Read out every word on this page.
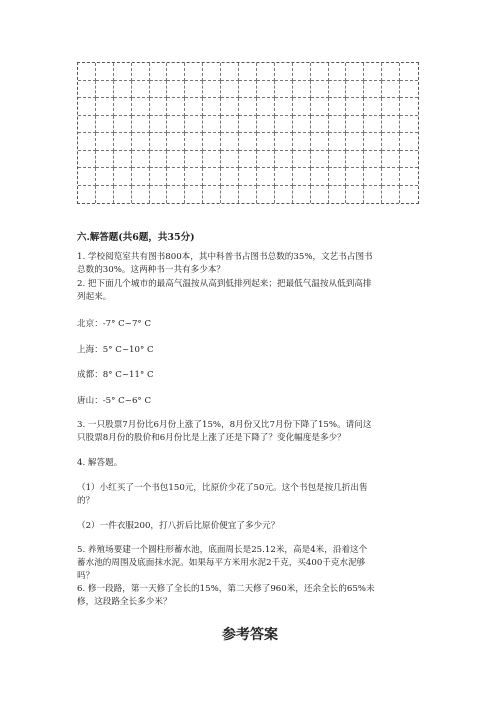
六.解答题(共6题，共35分)
1. 学校阅览室共有图书800本，其中科普书占图书总数的35%，文艺书占图书
总数的30%。这两种书一共有多少本？
2. 把下面几个城市的最高气温按从高到低排列起来；把最低气温按从低到高排
列起来。
北京：-7° C~7° C
上海：5° C~10° C
成都：8° C~11° C
唐山：-5° C~6° C
3. 一只股票7月份比6月份上涨了15%，8月份又比7月份下降了15%。请问这
只股票8月份的股价和6月份比是上涨了还是下降了？变化幅度是多少？
4. 解答题。
（1）小红买了一个书包150元，比原价少花了50元。这个书包是按几折出售
的？
（2）一件衣服200，打八折后比原价便宜了多少元？
5. 养殖场要建一个圆柱形蓄水池，底面周长是25.12米，高是4米，沿着这个
蓄水池的周围及底面抹水泥。如果每平方米用水泥2千克，买400千克水泥够
吗？
6. 修一段路，第一天修了全长的15%，第二天修了960米，还余全长的65%未
修，这段路全长多少米？
参考答案
